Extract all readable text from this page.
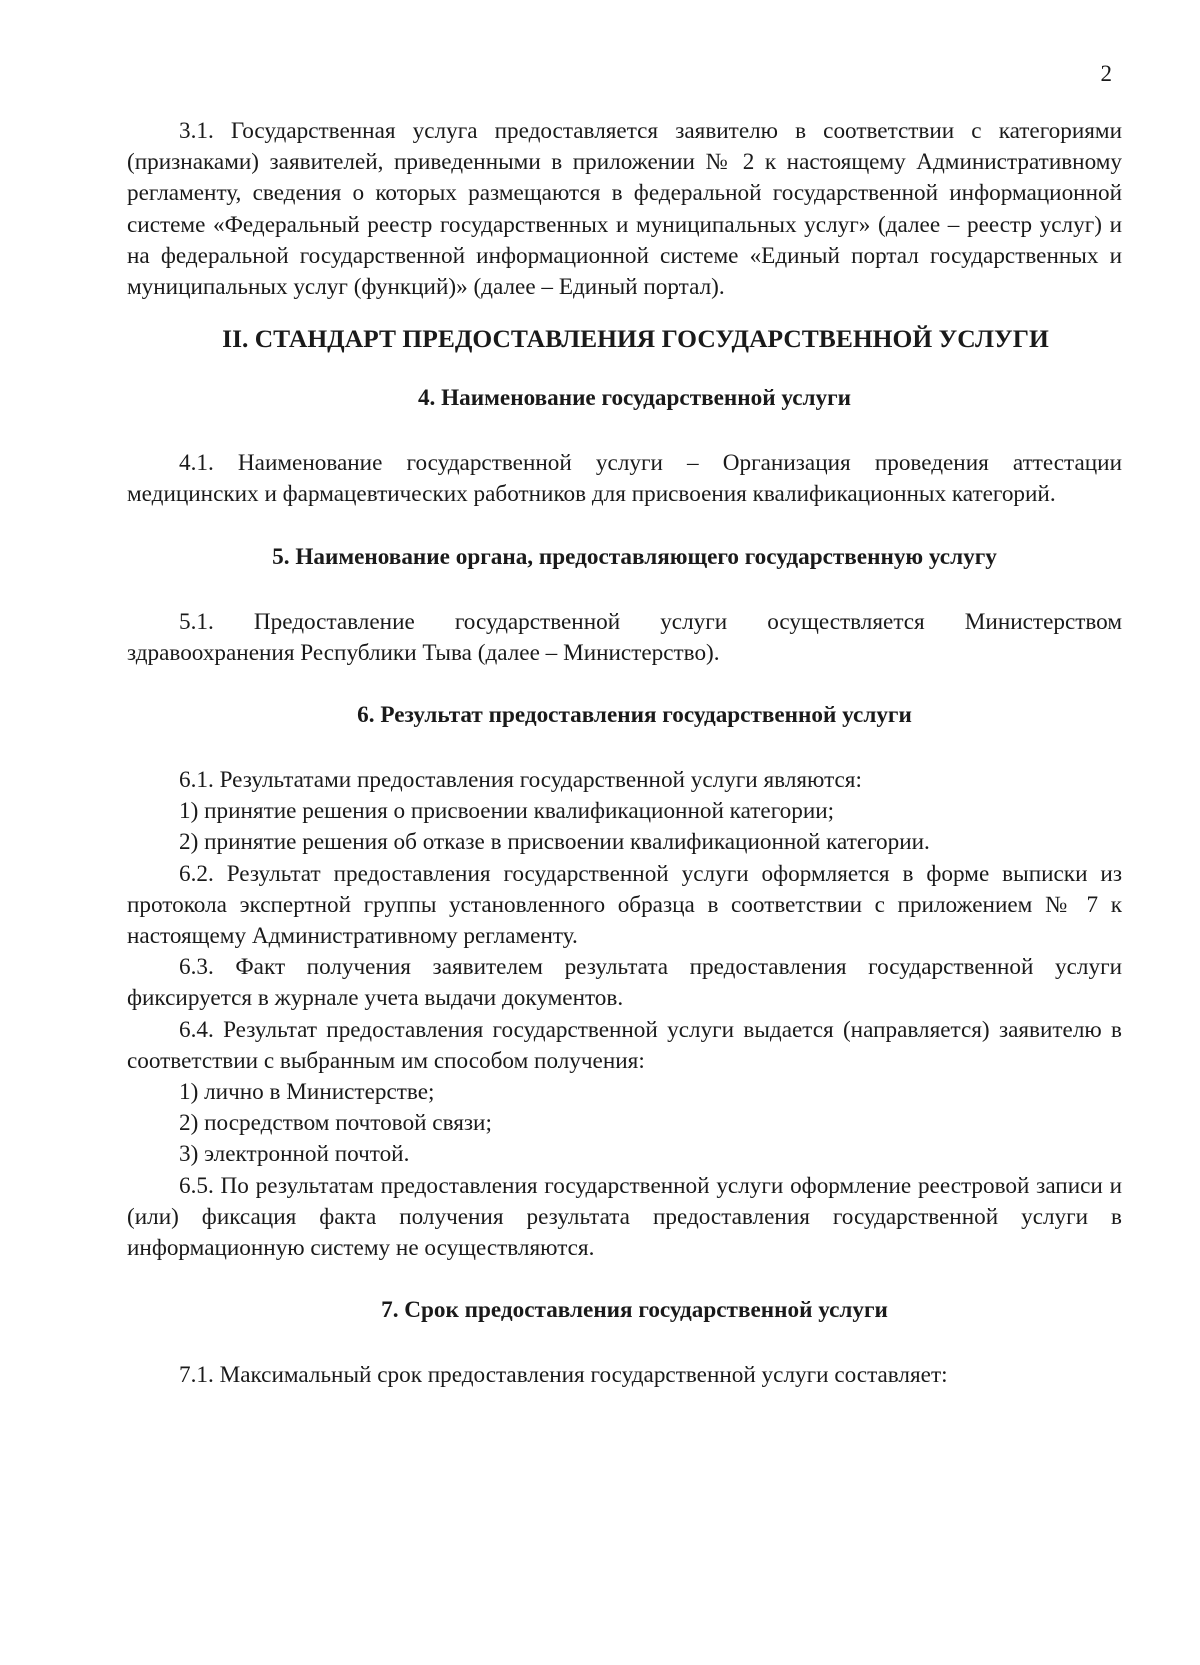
2

3.1. Государственная услуга предоставляется заявителю в соответствии с категориями (признаками) заявителей, приведенными в приложении № 2 к настоящему Административному регламенту, сведения о которых размещаются в федеральной государственной информационной системе «Федеральный реестр государственных и муниципальных услуг» (далее – реестр услуг) и на федеральной государственной информационной системе «Единый портал государственных и муниципальных услуг (функций)» (далее – Единый портал).

II. СТАНДАРТ ПРЕДОСТАВЛЕНИЯ ГОСУДАРСТВЕННОЙ УСЛУГИ
4. Наименование государственной услуги

4.1. Наименование государственной услуги – Организация проведения аттестации медицинских и фармацевтических работников для присвоения квалификационных категорий.

5. Наименование органа, предоставляющего государственную услугу

5.1. Предоставление государственной услуги осуществляется Министерством здравоохранения Республики Тыва (далее – Министерство).

6. Результат предоставления государственной услуги

6.1. Результатами предоставления государственной услуги являются:

1) принятие решения о присвоении квалификационной категории;

2) принятие решения об отказе в присвоении квалификационной категории.

6.2. Результат предоставления государственной услуги оформляется в форме выписки из протокола экспертной группы установленного образца в соответствии с приложением № 7 к настоящему Административному регламенту.

6.3. Факт получения заявителем результата предоставления государственной услуги фиксируется в журнале учета выдачи документов.

6.4. Результат предоставления государственной услуги выдается (направляется) заявителю в соответствии с выбранным им способом получения:

1) лично в Министерстве;

2) посредством почтовой связи;

3) электронной почтой.

6.5. По результатам предоставления государственной услуги оформление реестровой записи и (или) фиксация факта получения результата предоставления государственной услуги в информационную систему не осуществляются.

7. Срок предоставления государственной услуги

7.1. Максимальный срок предоставления государственной услуги составляет:
